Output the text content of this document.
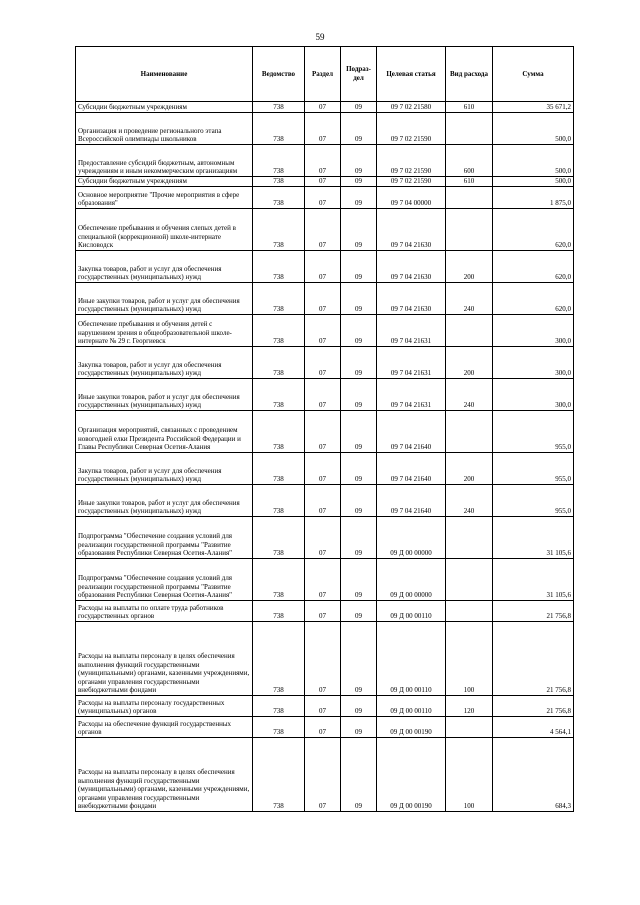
59
Наименование	Ведомство	Раздел	Подраз-дел	Целевая статья	Вид расхода	Сумма
Субсидии бюджетным учреждениям	738	07	09	09 7 02 21580	610	35 671,2
Организация и проведение регионального этапа Всероссийской олимпиады школьников	738	07	09	09 7 02 21590		500,0
Предоставление субсидий бюджетным, автономным учреждениям и иным некоммерческим организациям	738	07	09	09 7 02 21590	600	500,0
Субсидии бюджетным учреждениям	738	07	09	09 7 02 21590	610	500,0
Основное мероприятие "Прочие мероприятия в сфере образования"	738	07	09	09 7 04 00000		1 875,0
Обеспечение пребывания и обучения слепых детей в специальной (коррекционной) школе-интернате Кисловодск	738	07	09	09 7 04 21630		620,0
Закупка товаров, работ и услуг для обеспечения государственных (муниципальных) нужд	738	07	09	09 7 04 21630	200	620,0
Иные закупки товаров, работ и услуг для обеспечения государственных (муниципальных) нужд	738	07	09	09 7 04 21630	240	620,0
Обеспечение пребывания и обучения детей с нарушением зрения в общеобразовательной школе-интернате № 29 г. Георгиевск	738	07	09	09 7 04 21631		300,0
Закупка товаров, работ и услуг для обеспечения государственных (муниципальных) нужд	738	07	09	09 7 04 21631	200	300,0
Иные закупки товаров, работ и услуг для обеспечения государственных (муниципальных) нужд	738	07	09	09 7 04 21631	240	300,0
Организация мероприятий, связанных с проведением новогодней елки Президента Российской Федерации и Главы Республики Северная Осетия-Алания	738	07	09	09 7 04 21640		955,0
Закупка товаров, работ и услуг для обеспечения государственных (муниципальных) нужд	738	07	09	09 7 04 21640	200	955,0
Иные закупки товаров, работ и услуг для обеспечения государственных (муниципальных) нужд	738	07	09	09 7 04 21640	240	955,0
Подпрограмма "Обеспечение создания условий для реализации государственной программы "Развитие образования Республики Северная Осетия-Алания"	738	07	09	09 Д 00 00000		31 105,6
Подпрограмма "Обеспечение создания условий для реализации государственной программы "Развитие образования Республики Северная Осетия-Алания"	738	07	09	09 Д 00 00000		31 105,6
Расходы на выплаты по оплате труда работников государственных органов	738	07	09	09 Д 00 00110		21 756,8
Расходы на выплаты персоналу в целях обеспечения выполнения функций государственными (муниципальными) органами, казенными учреждениями, органами управления государственными внебюджетными фондами	738	07	09	09 Д 00 00110	100	21 756,8
Расходы на выплаты персоналу государственных (муниципальных) органов	738	07	09	09 Д 00 00110	120	21 756,8
Расходы на обеспечение функций государственных органов	738	07	09	09 Д 00 00190		4 564,1
Расходы на выплаты персоналу в целях обеспечения выполнения функций государственными (муниципальными) органами, казенными учреждениями, органами управления государственными внебюджетными фондами	738	07	09	09 Д 00 00190	100	684,3
